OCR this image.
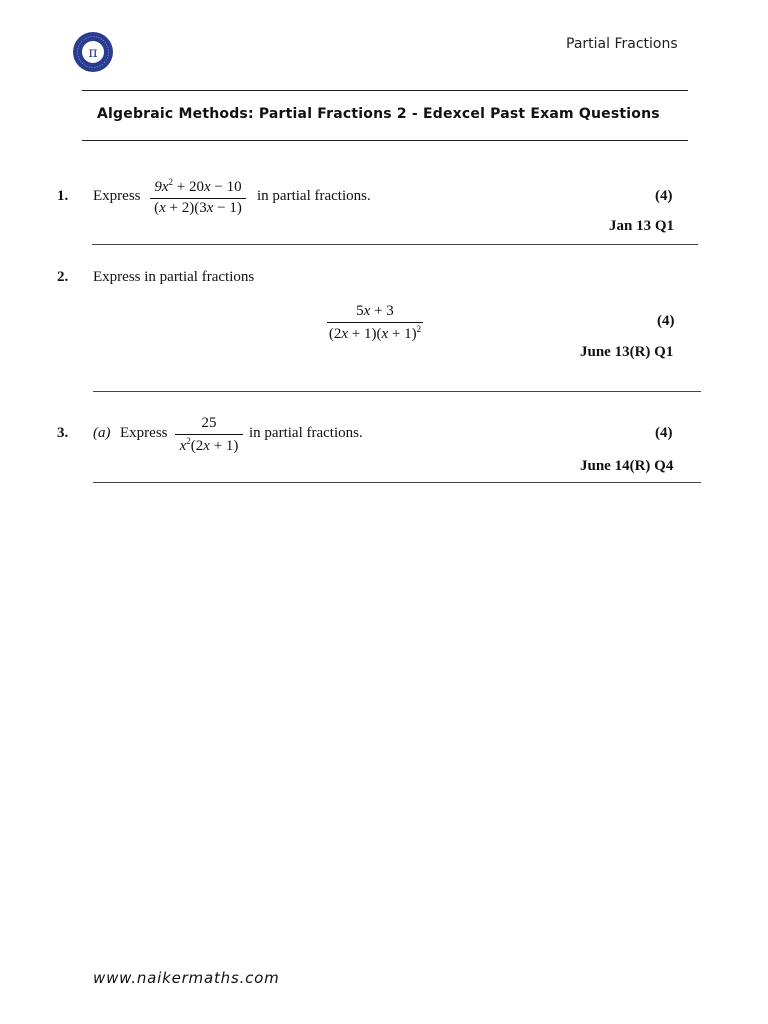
π
Partial Fractions
Algebraic Methods: Partial Fractions 2 - Edexcel Past Exam Questions
1. Express
$9x^2 + 20x - 10$
(x + 2)(3x − 1)
in partial fractions.	(4)
Jan 13 Q1
2. Express in partial fractions
5x + 3
$(2x + 1)(x + 1)^2$	(4)
June 13(R) Q1
3. (a) Express
25
$x^2(2x + 1)$
in partial fractions.	(4)
June 14(R) Q4
www.naikermaths.com
